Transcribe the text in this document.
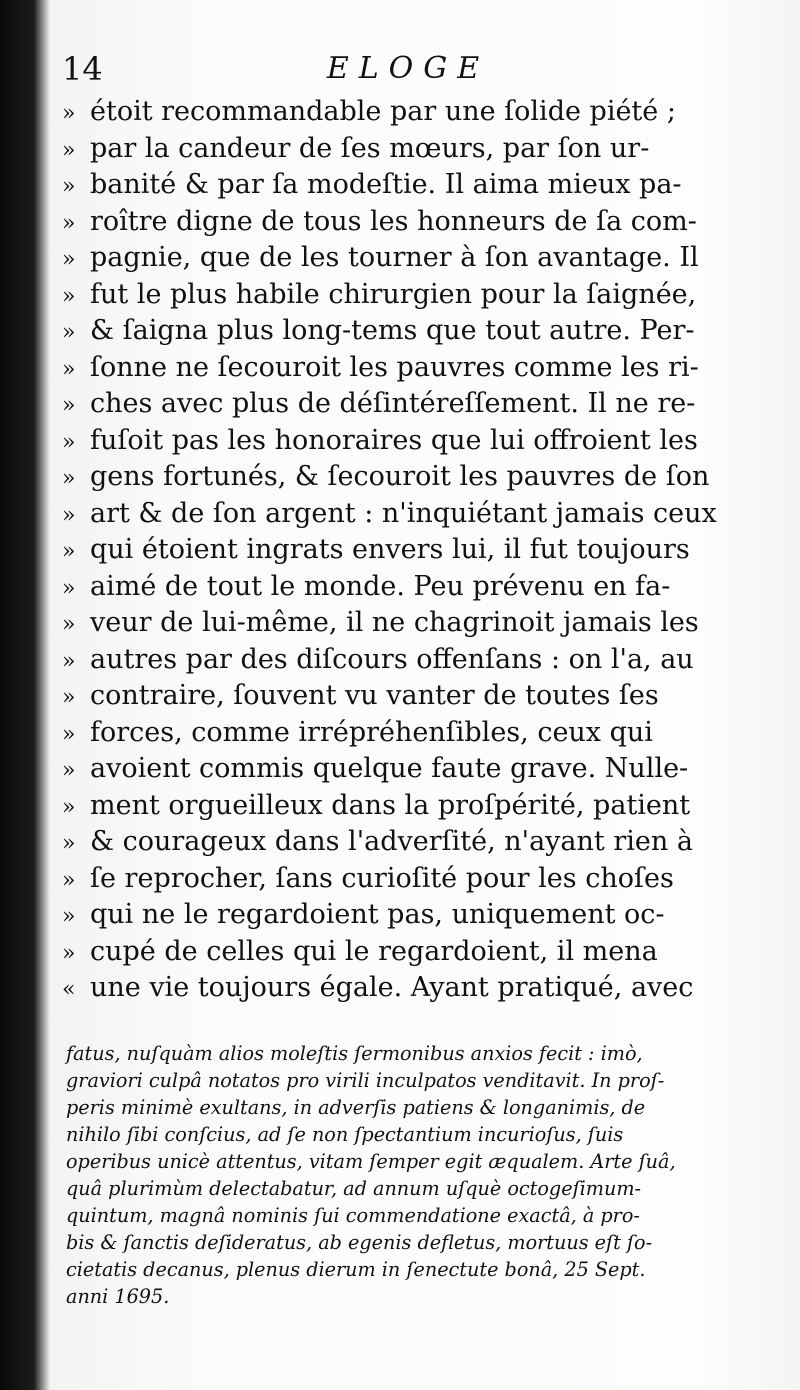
14	ELOGE
» étoit recommandable par une ſolide piété ;
» par la candeur de ſes mœurs, par ſon ur-
» banité & par ſa modeſtie. Il aima mieux pa-
» roître digne de tous les honneurs de ſa com-
» pagnie, que de les tourner à ſon avantage. Il
» fut le plus habile chirurgien pour la ſaignée,
» & ſaigna plus long-tems que tout autre. Per-
» ſonne ne ſecouroit les pauvres comme les ri-
» ches avec plus de déſintéreſſement. Il ne re-
» fuſoit pas les honoraires que lui offroient les
» gens fortunés, & ſecouroit les pauvres de ſon
» art & de ſon argent : n'inquiétant jamais ceux
» qui étoient ingrats envers lui, il fut toujours
» aimé de tout le monde. Peu prévenu en fa-
» veur de lui-même, il ne chagrinoit jamais les
» autres par des diſcours offenſans : on l'a, au
» contraire, ſouvent vu vanter de toutes ſes
» forces, comme irrépréhenſibles, ceux qui
» avoient commis quelque faute grave. Nulle-
» ment orgueilleux dans la proſpérité, patient
» & courageux dans l'adverſité, n'ayant rien à
» ſe reprocher, ſans curioſité pour les choſes
» qui ne le regardoient pas, uniquement oc-
» cupé de celles qui le regardoient, il mena
« une vie toujours égale. Ayant pratiqué, avec
fatus, nuſquàm alios moleſtis ſermonibus anxios fecit : imò,
graviori culpâ notatos pro virili inculpatos venditavit. In proſ-
peris minimè exultans, in adverſis patiens & longanimis, de
nihilo ſibi conſcius, ad ſe non ſpectantium incurioſus, ſuis
operibus unicè attentus, vitam ſemper egit æqualem. Arte ſuâ,
quâ plurimùm delectabatur, ad annum uſquè octogeſimum-
quintum, magnâ nominis ſui commendatione exactâ, à pro-
bis & ſanctis deſideratus, ab egenis defletus, mortuus eſt ſo-
cietatis decanus, plenus dierum in ſenectute bonâ, 25 Sept.
anni 1695.
